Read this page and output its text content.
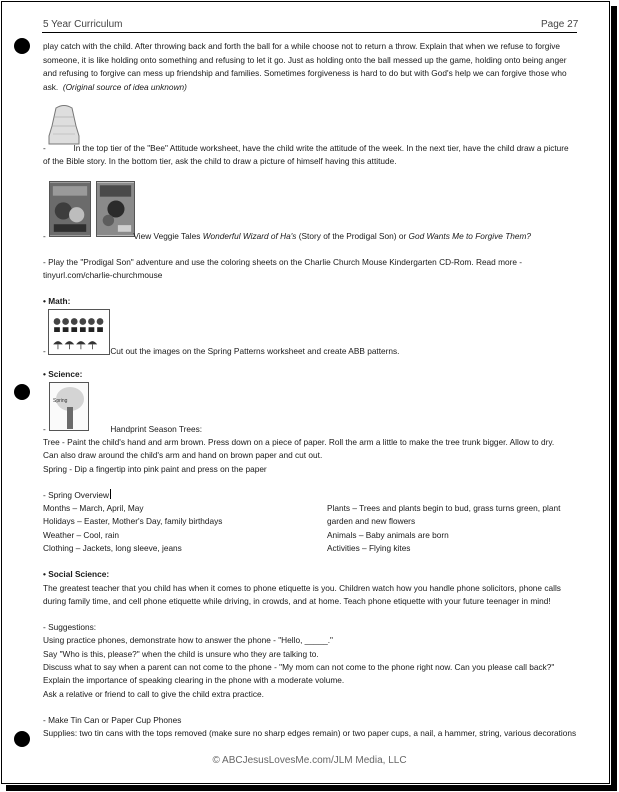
5 Year Curriculum	Page 27
play catch with the child. After throwing back and forth the ball for a while choose not to return a throw. Explain that when we refuse to forgive
someone, it is like holding onto something and refusing to let it go. Just as holding onto the ball messed up the game, holding onto being anger
and refusing to forgive can mess up friendship and families. Sometimes forgiveness is hard to do but with God's help we can forgive those who
ask. (Original source of idea unknown)
-            In the top tier of the "Bee" Attitude worksheet, have the child write the attitude of the week. In the next tier, have the child draw a picture
of the Bible story. In the bottom tier, ask the child to draw a picture of himself having this attitude.
-                                      View Veggie Tales Wonderful Wizard of Ha's (Story of the Prodigal Son) or God Wants Me to Forgive Them?
- Play the "Prodigal Son" adventure and use the coloring sheets on the Charlie Church Mouse Kindergarten CD-Rom. Read more -
tinyurl.com/charlie-churchmouse
• Math:
-                            Cut out the images on the Spring Patterns worksheet and create ABB patterns.
• Science:
Spring
-                            Handprint Season Trees:
Tree - Paint the child's hand and arm brown. Press down on a piece of paper. Roll the arm a little to make the tree trunk bigger. Allow to dry.
Can also draw around the child's arm and hand on brown paper and cut out.
Spring - Dip a fingertip into pink paint and press on the paper
- Spring Overview
Months – March, April, May
Holidays – Easter, Mother's Day, family birthdays
Weather – Cool, rain
Clothing – Jackets, long sleeve, jeans
Plants – Trees and plants begin to bud, grass turns green, plant
garden and new flowers
Animals – Baby animals are born
Activities – Flying kites
• Social Science:
The greatest teacher that you child has when it comes to phone etiquette is you. Children watch how you handle phone solicitors, phone calls
during family time, and cell phone etiquette while driving, in crowds, and at home. Teach phone etiquette with your future teenager in mind!
- Suggestions:
Using practice phones, demonstrate how to answer the phone - "Hello, _____."
Say "Who is this, please?" when the child is unsure who they are talking to.
Discuss what to say when a parent can not come to the phone - "My mom can not come to the phone right now. Can you please call back?"
Explain the importance of speaking clearing in the phone with a moderate volume.
Ask a relative or friend to call to give the child extra practice.
- Make Tin Can or Paper Cup Phones
Supplies: two tin cans with the tops removed (make sure no sharp edges remain) or two paper cups, a nail, a hammer, string, various decorations
© ABCJesusLovesMe.com/JLM Media, LLC
